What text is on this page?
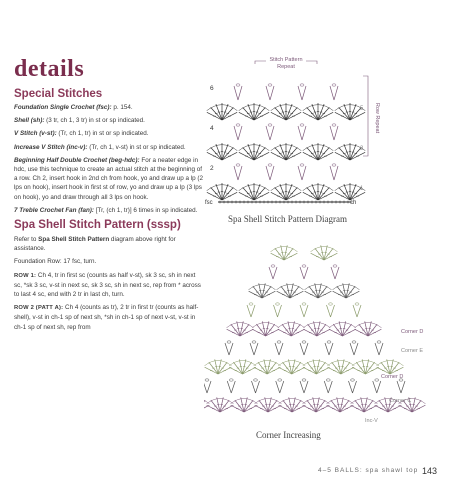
details
Special Stitches

Foundation Single Crochet (fsc): p. 154.

Shell (sh): (3 tr, ch 1, 3 tr) in st or sp indicated.

V Stitch (v-st): (Tr, ch 1, tr) in st or sp indicated.

Increase V Stitch (inc-v): (Tr, ch 1, v-st) in st or sp indicated.

Beginning Half Double Crochet (beg-hdc): For a neater edge in hdc, use this technique to create an actual stitch at the beginning of a row. Ch 2, insert hook in 2nd ch from hook, yo and draw up a lp (2 lps on hook), insert hook in first st of row, yo and draw up a lp (3 lps on hook), yo and draw through all 3 lps on hook.

7 Treble Crochet Fan (fan): [Tr, (ch 1, tr)] 6 times in sp indicated.

Spa Shell Stitch Pattern (sssp)

Refer to Spa Shell Stitch Pattern diagram above right for assistance.

Foundation Row: 17 fsc, turn.

ROW 1: Ch 4, tr in first sc (counts as half v-st), sk 3 sc, sh in next sc, *sk 3 sc, v-st in next sc, sk 3 sc, sh in next sc, rep from * across to last 4 sc, end with 2 tr in last ch, turn.

ROW 2 (PATT A): Ch 4 (counts as tr), 2 tr in first tr (counts as half-shell), v-st in ch-1 sp of next sh, *sh in ch-1 sp of next v-st, v-st in ch-1 sp of next sh, rep from

Stitch Pattern
Repeat
6
4
2
5
3
1
Row Repeat
fsc	ch
Spa Shell Stitch Pattern Diagram
Corner D
Corner E
Corner D
Corner C
Inc-V
Corner Increasing
4–5 BALLS: spa shawl top 143
